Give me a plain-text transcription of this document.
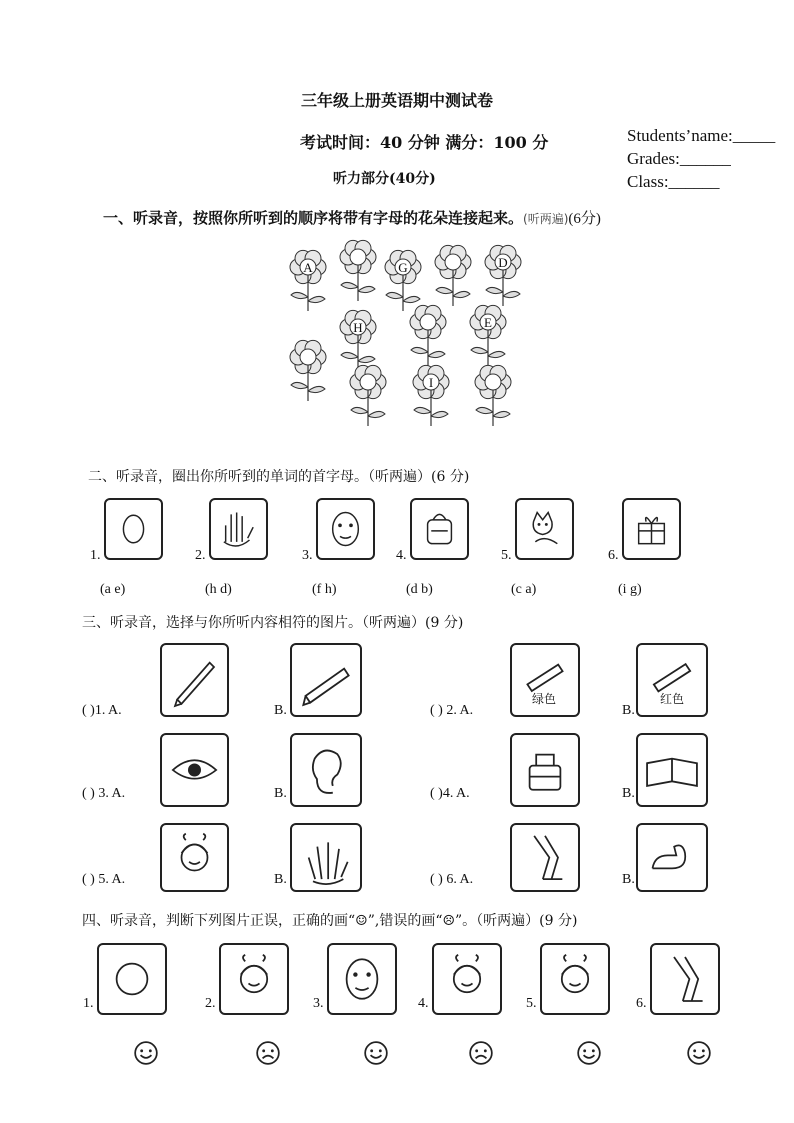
三年级上册英语期中测试卷
考试时间：40 分钟 满分：100 分
听力部分(40分)
Students’name:_____
Grades:______
Class:______
一、听录音，按照你所听到的顺序将带有字母的花朵连接起来。(听两遍)(6分)
A	G	D
H	E
I
二、听录音，圈出你所听到的单词的首字母。（听两遍）(6 分)
1.
(a e)
2.
(h d)
3.
(f h)
4.
(d b)
5.
(c a)
6.
(i g)
三、听录音，选择与你所听内容相符的图片。（听两遍）(9 分)
( )1. A.	B.	( ) 2. A.	B.
绿色	红色
( ) 3. A.	B.	( )4. A.	B.
( ) 5. A.	B.	( ) 6. A.	B.
四、听录音，判断下列图片正误，正确的画“☺”,错误的画“☹”。（听两遍）(9 分)
1.	2.	3.	4.	5.	6.
